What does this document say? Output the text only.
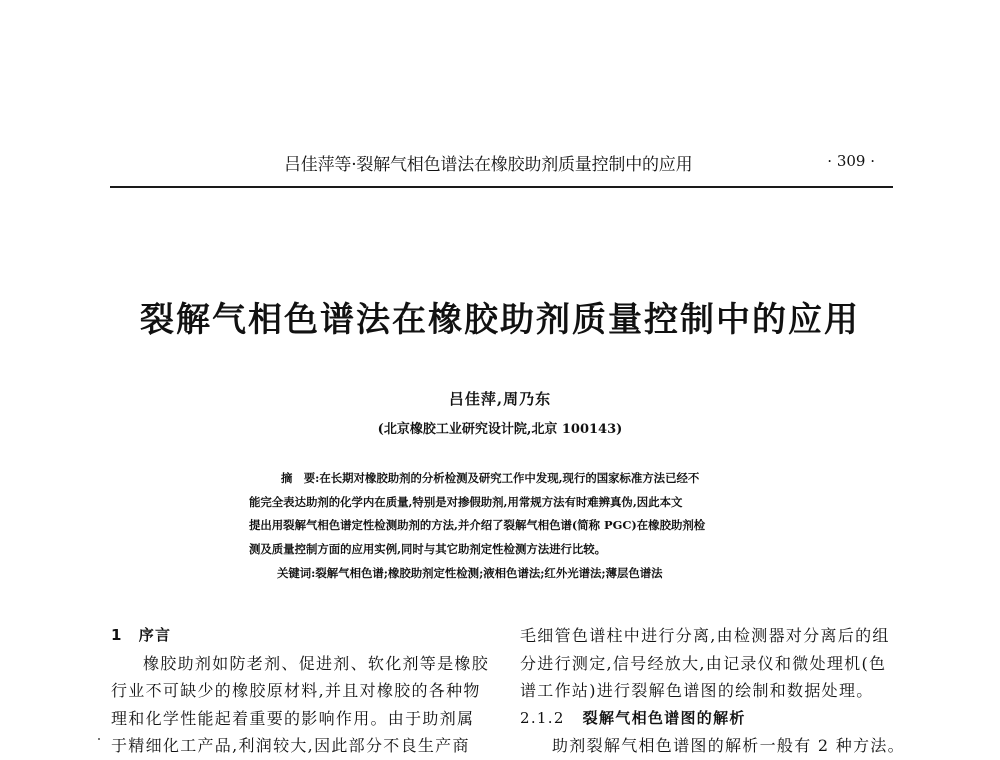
吕佳萍等·裂解气相色谱法在橡胶助剂质量控制中的应用	· 309 ·
裂解气相色谱法在橡胶助剂质量控制中的应用
吕佳萍,周乃东
(北京橡胶工业研究设计院,北京 100143)
摘　要:在长期对橡胶助剂的分析检测及研究工作中发现,现行的国家标准方法已经不
能完全表达助剂的化学内在质量,特别是对掺假助剂,用常规方法有时难辨真伪,因此本文
提出用裂解气相色谱定性检测助剂的方法,并介绍了裂解气相色谱(简称 PGC)在橡胶助剂检
测及质量控制方面的应用实例,同时与其它助剂定性检测方法进行比较。
关键词:裂解气相色谱;橡胶助剂定性检测;液相色谱法;红外光谱法;薄层色谱法
1 序言
橡胶助剂如防老剂、促进剂、软化剂等是橡胶
行业不可缺少的橡胶原材料,并且对橡胶的各种物
理和化学性能起着重要的影响作用。由于助剂属
于精细化工产品,利润较大,因此部分不良生产商
毛细管色谱柱中进行分离,由检测器对分离后的组
分进行测定,信号经放大,由记录仪和微处理机(色
谱工作站)进行裂解色谱图的绘制和数据处理。
2.1.2 裂解气相色谱图的解析
助剂裂解气相色谱图的解析一般有 2 种方法。
